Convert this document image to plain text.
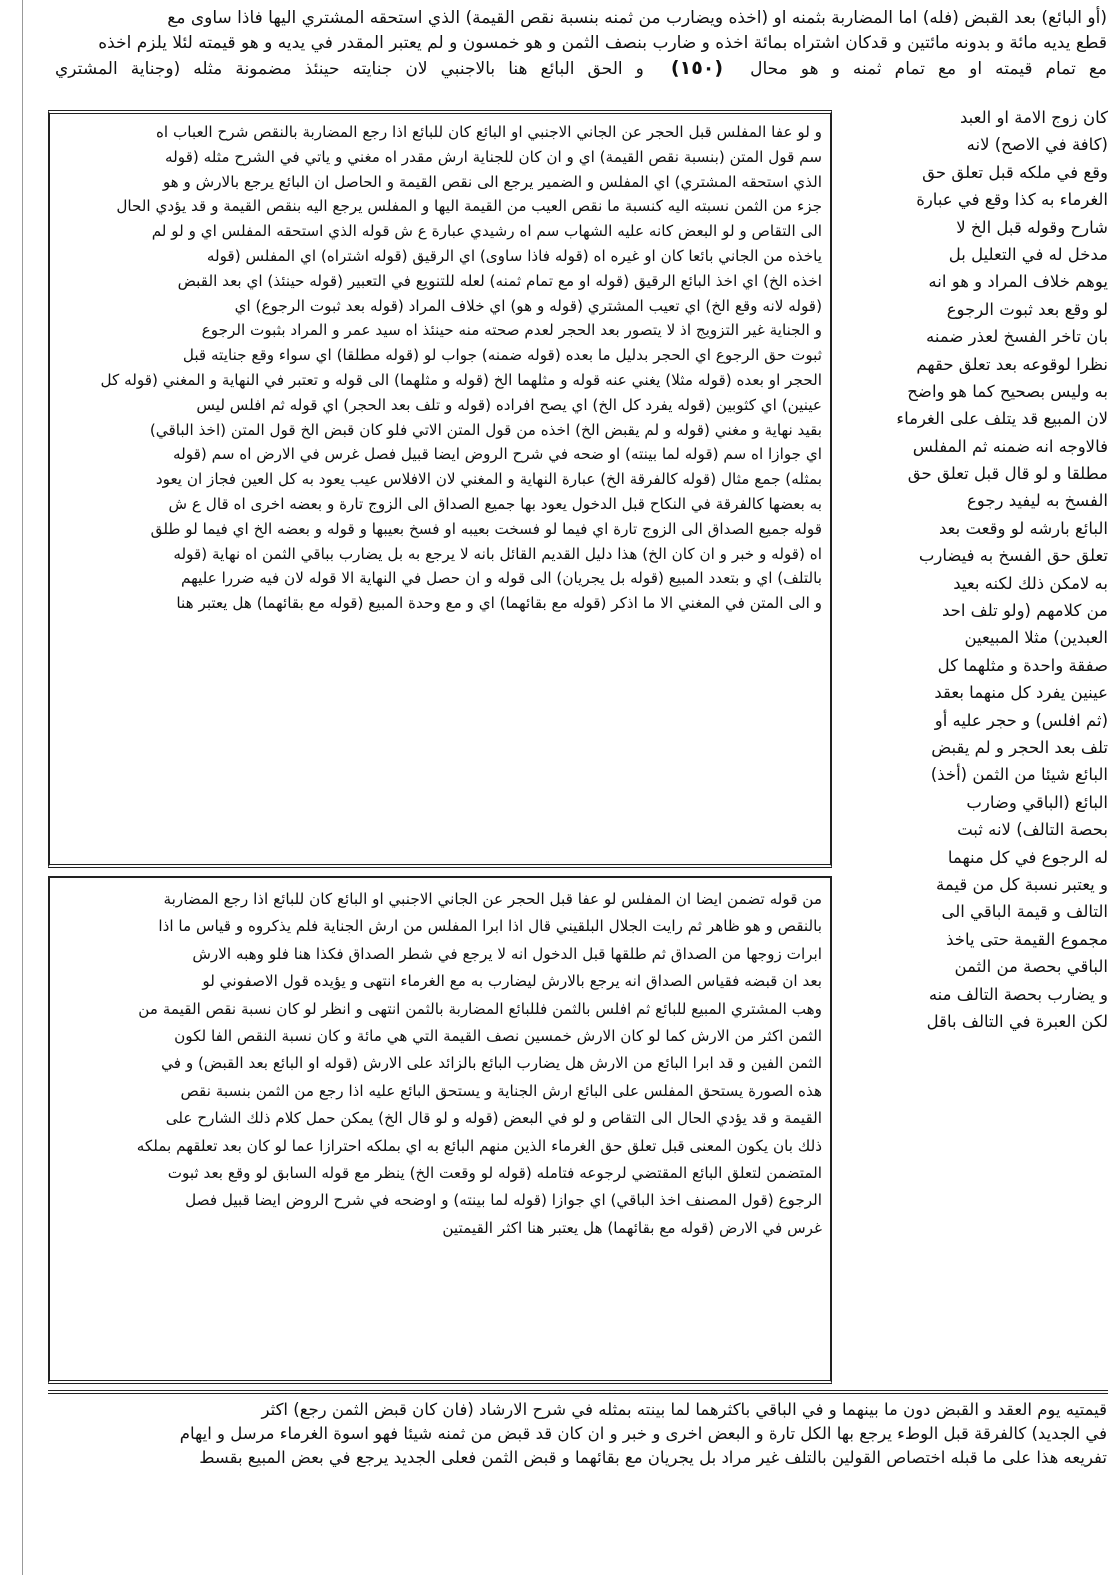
(أو البائع) بعد القبض (فله) اما المضاربة بثمنه او (اخذه ويضارب من ثمنه بنسبة نقص القيمة) الذي استحقه المشتري اليها فاذا ساوى مع
قطع يديه مائة و بدونه مائتين و قدكان اشتراه بمائة اخذه و ضارب بنصف الثمن و هو خمسون و لم يعتبر المقدر في يديه و هو قيمته لئلا يلزم اخذه
مع تمام قيمته او مع تمام ثمنه و هو محال (١٥٠) و الحق البائع هنا بالاجنبي لان جنايته حينئذ مضمونة مثله (وجناية المشتري
كان زوج الامة او العبد
(كافة في الاصح) لانه
وقع في ملكه قبل تعلق حق
الغرماء به كذا وقع في عبارة
شارح وقوله قبل الخ لا
مدخل له في التعليل بل
يوهم خلاف المراد و هو انه
لو وقع بعد ثبوت الرجوع
بان تاخر الفسخ لعذر ضمنه
نظرا لوقوعه بعد تعلق حقهم
به وليس بصحيح كما هو واضح
لان المبيع قد يتلف على الغرماء
فالاوجه انه ضمنه ثم المفلس
مطلقا و لو قال قبل تعلق حق
الفسخ به ليفيد رجوع
البائع بارشه لو وقعت بعد
تعلق حق الفسخ به فيضارب
به لامكن ذلك لكنه بعيد
من كلامهم (ولو تلف احد
العبدين) مثلا المبيعين
صفقة واحدة و مثلهما كل
عينين يفرد كل منهما بعقد
(ثم افلس) و حجر عليه أو
تلف بعد الحجر و لم يقبض
البائع شيئا من الثمن (أخذ)
البائع (الباقي وضارب
بحصة التالف) لانه ثبت
له الرجوع في كل منهما
و يعتبر نسبة كل من قيمة
التالف و قيمة الباقي الى
مجموع القيمة حتى ياخذ
الباقي بحصة من الثمن
و يضارب بحصة التالف منه
لكن العبرة في التالف باقل
و لو عفا المفلس قبل الحجر عن الجاني الاجنبي او البائع كان للبائع اذا رجع المضاربة بالنقص شرح العباب اه
سم قول المتن (بنسبة نقص القيمة) اي و ان كان للجناية ارش مقدر اه مغني و ياتي في الشرح مثله (قوله
الذي استحقه المشتري) اي المفلس و الضمير يرجع الى نقص القيمة و الحاصل ان البائع يرجع بالارش و هو
جزء من الثمن نسبته اليه كنسبة ما نقص العيب من القيمة اليها و المفلس يرجع اليه بنقص القيمة و قد يؤدي الحال
الى التقاص و لو البعض كانه عليه الشهاب سم اه رشيدي عبارة ع ش قوله الذي استحقه المفلس اي و لو لم
ياخذه من الجاني بائعا كان او غيره اه (قوله فاذا ساوى) اي الرقيق (قوله اشتراه) اي المفلس (قوله
اخذه الخ) اي اخذ البائع الرقيق (قوله او مع تمام ثمنه) لعله للتنويع في التعبير (قوله حينئذ) اي بعد القبض
(قوله لانه وقع الخ) اي تعيب المشتري (قوله و هو) اي خلاف المراد (قوله بعد ثبوت الرجوع) اي
و الجناية غير التزويج اذ لا يتصور بعد الحجر لعدم صحته منه حينئذ اه سيد عمر و المراد بثبوت الرجوع
ثبوت حق الرجوع اي الحجر بدليل ما بعده (قوله ضمنه) جواب لو (قوله مطلقا) اي سواء وقع جنايته قبل
الحجر او بعده (قوله مثلا) يغني عنه قوله و مثلهما الخ (قوله و مثلهما) الى قوله و تعتبر في النهاية و المغني (قوله كل
عينين) اي كثوبين (قوله يفرد كل الخ) اي يصح افراده (قوله و تلف بعد الحجر) اي قوله ثم افلس ليس
بقيد نهاية و مغني (قوله و لم يقبض الخ) اخذه من قول المتن الاتي فلو كان قبض الخ قول المتن (اخذ الباقي)
اي جوازا اه سم (قوله لما بينته) او ضحه في شرح الروض ايضا قبيل فصل غرس في الارض اه سم (قوله
بمثله) جمع مثال (قوله كالفرقة الخ) عبارة النهاية و المغني لان الافلاس عيب يعود به كل العين فجاز ان يعود
به بعضها كالفرقة في النكاح قبل الدخول يعود بها جميع الصداق الى الزوج تارة و بعضه اخرى اه قال ع ش
قوله جميع الصداق الى الزوج تارة اي فيما لو فسخت بعيبه او فسخ بعيبها و قوله و بعضه الخ اي فيما لو طلق
اه (قوله و خبر و ان كان الخ) هذا دليل القديم القائل بانه لا يرجع به بل يضارب بباقي الثمن اه نهاية (قوله
بالتلف) اي و بتعدد المبيع (قوله بل يجريان) الى قوله و ان حصل في النهاية الا قوله لان فيه ضررا عليهم
و الى المتن في المغني الا ما اذكر (قوله مع بقائهما) اي و مع وحدة المبيع (قوله مع بقائهما) هل يعتبر هنا
من قوله تضمن ايضا ان المفلس لو عفا قبل الحجر عن الجاني الاجنبي او البائع كان للبائع اذا رجع المضاربة
بالنقص و هو ظاهر ثم رايت الجلال البلقيني قال اذا ابرا المفلس من ارش الجناية فلم يذكروه و قياس ما اذا
ابرات زوجها من الصداق ثم طلقها قبل الدخول انه لا يرجع في شطر الصداق فكذا هنا فلو وهبه الارش
بعد ان قبضه فقياس الصداق انه يرجع بالارش ليضارب به مع الغرماء انتهى و يؤيده قول الاصفوني لو
وهب المشتري المبيع للبائع ثم افلس بالثمن فللبائع المضاربة بالثمن انتهى و انظر لو كان نسبة نقص القيمة من
الثمن اكثر من الارش كما لو كان الارش خمسين نصف القيمة التي هي مائة و كان نسبة النقص الفا لكون
الثمن الفين و قد ابرا البائع من الارش هل يضارب البائع بالزائد على الارش (قوله او البائع بعد القبض) و في
هذه الصورة يستحق المفلس على البائع ارش الجناية و يستحق البائع عليه اذا رجع من الثمن بنسبة نقص
القيمة و قد يؤدي الحال الى التقاص و لو في البعض (قوله و لو قال الخ) يمكن حمل كلام ذلك الشارح على
ذلك بان يكون المعنى قبل تعلق حق الغرماء الذين منهم البائع به اي بملكه احترازا عما لو كان بعد تعلقهم بملكه
المتضمن لتعلق البائع المقتضي لرجوعه فتامله (قوله لو وقعت الخ) ينظر مع قوله السابق لو وقع بعد ثبوت
الرجوع (قول المصنف اخذ الباقي) اي جوازا (قوله لما بينته) و اوضحه في شرح الروض ايضا قبيل فصل
غرس في الارض (قوله مع بقائهما) هل يعتبر هنا اكثر القيمتين
قيمتيه يوم العقد و القبض دون ما بينهما و في الباقي باكثرهما لما بينته بمثله في شرح الارشاد (فان كان قبض الثمن رجع) اكثر
في الجديد) كالفرقة قبل الوطء يرجع بها الكل تارة و البعض اخرى و خبر و ان كان قد قبض من ثمنه شيئا فهو اسوة الغرماء مرسل و ايهام
تفريعه هذا على ما قبله اختصاص القولين بالتلف غير مراد بل يجريان مع بقائهما و قبض الثمن فعلى الجديد يرجع في بعض المبيع بقسط
